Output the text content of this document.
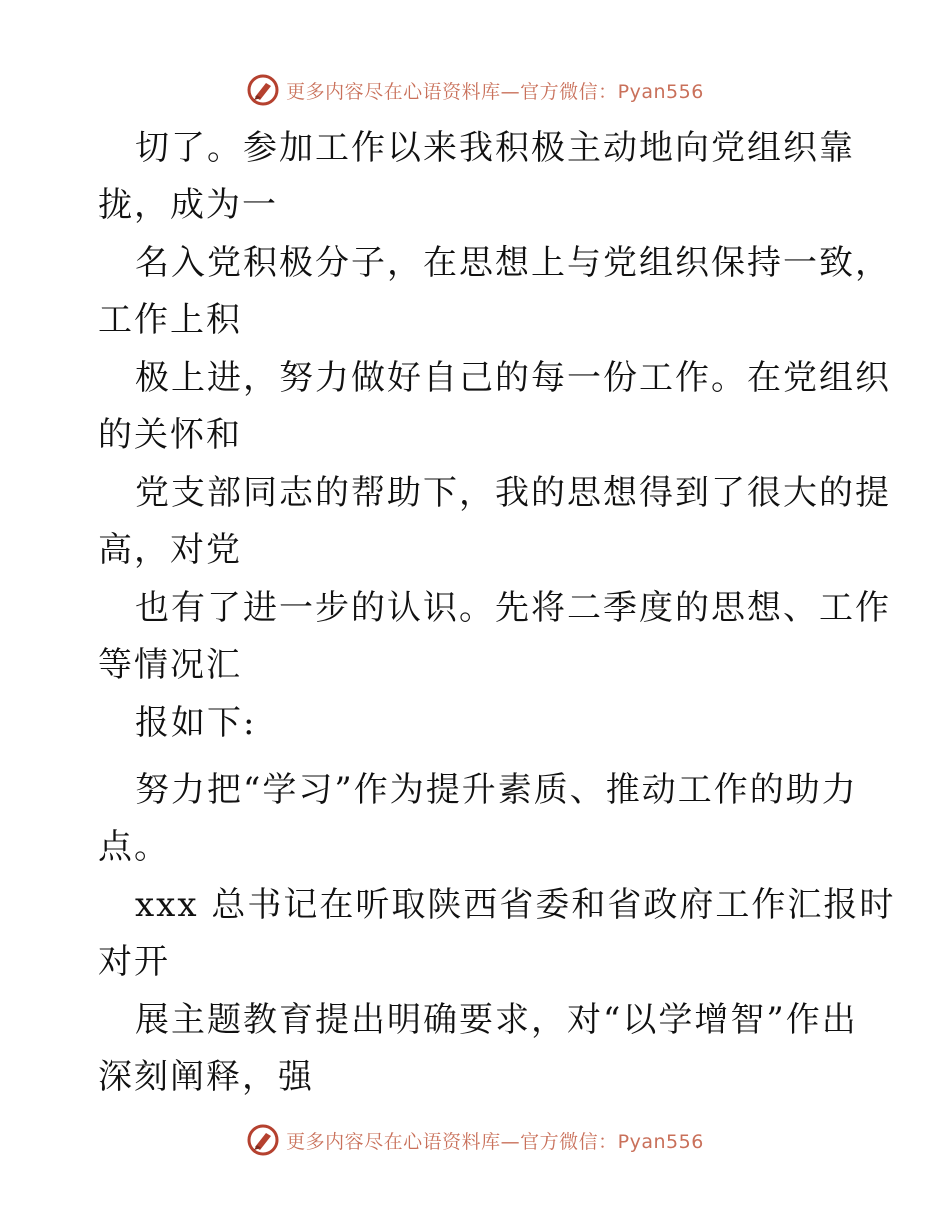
更多内容尽在心语资料库—官方微信：Pyan556
切了。参加工作以来我积极主动地向党组织靠
拢，成为一
名入党积极分子，在思想上与党组织保持一致，
工作上积
极上进，努力做好自己的每一份工作。在党组织
的关怀和
党支部同志的帮助下，我的思想得到了很大的提
高，对党
也有了进一步的认识。先将二季度的思想、工作
等情况汇
报如下:
努力把“学习”作为提升素质、推动工作的助力
点。
xxx 总书记在听取陕西省委和省政府工作汇报时
对开
展主题教育提出明确要求，对“以学增智”作出
深刻阐释，强
更多内容尽在心语资料库—官方微信：Pyan556
